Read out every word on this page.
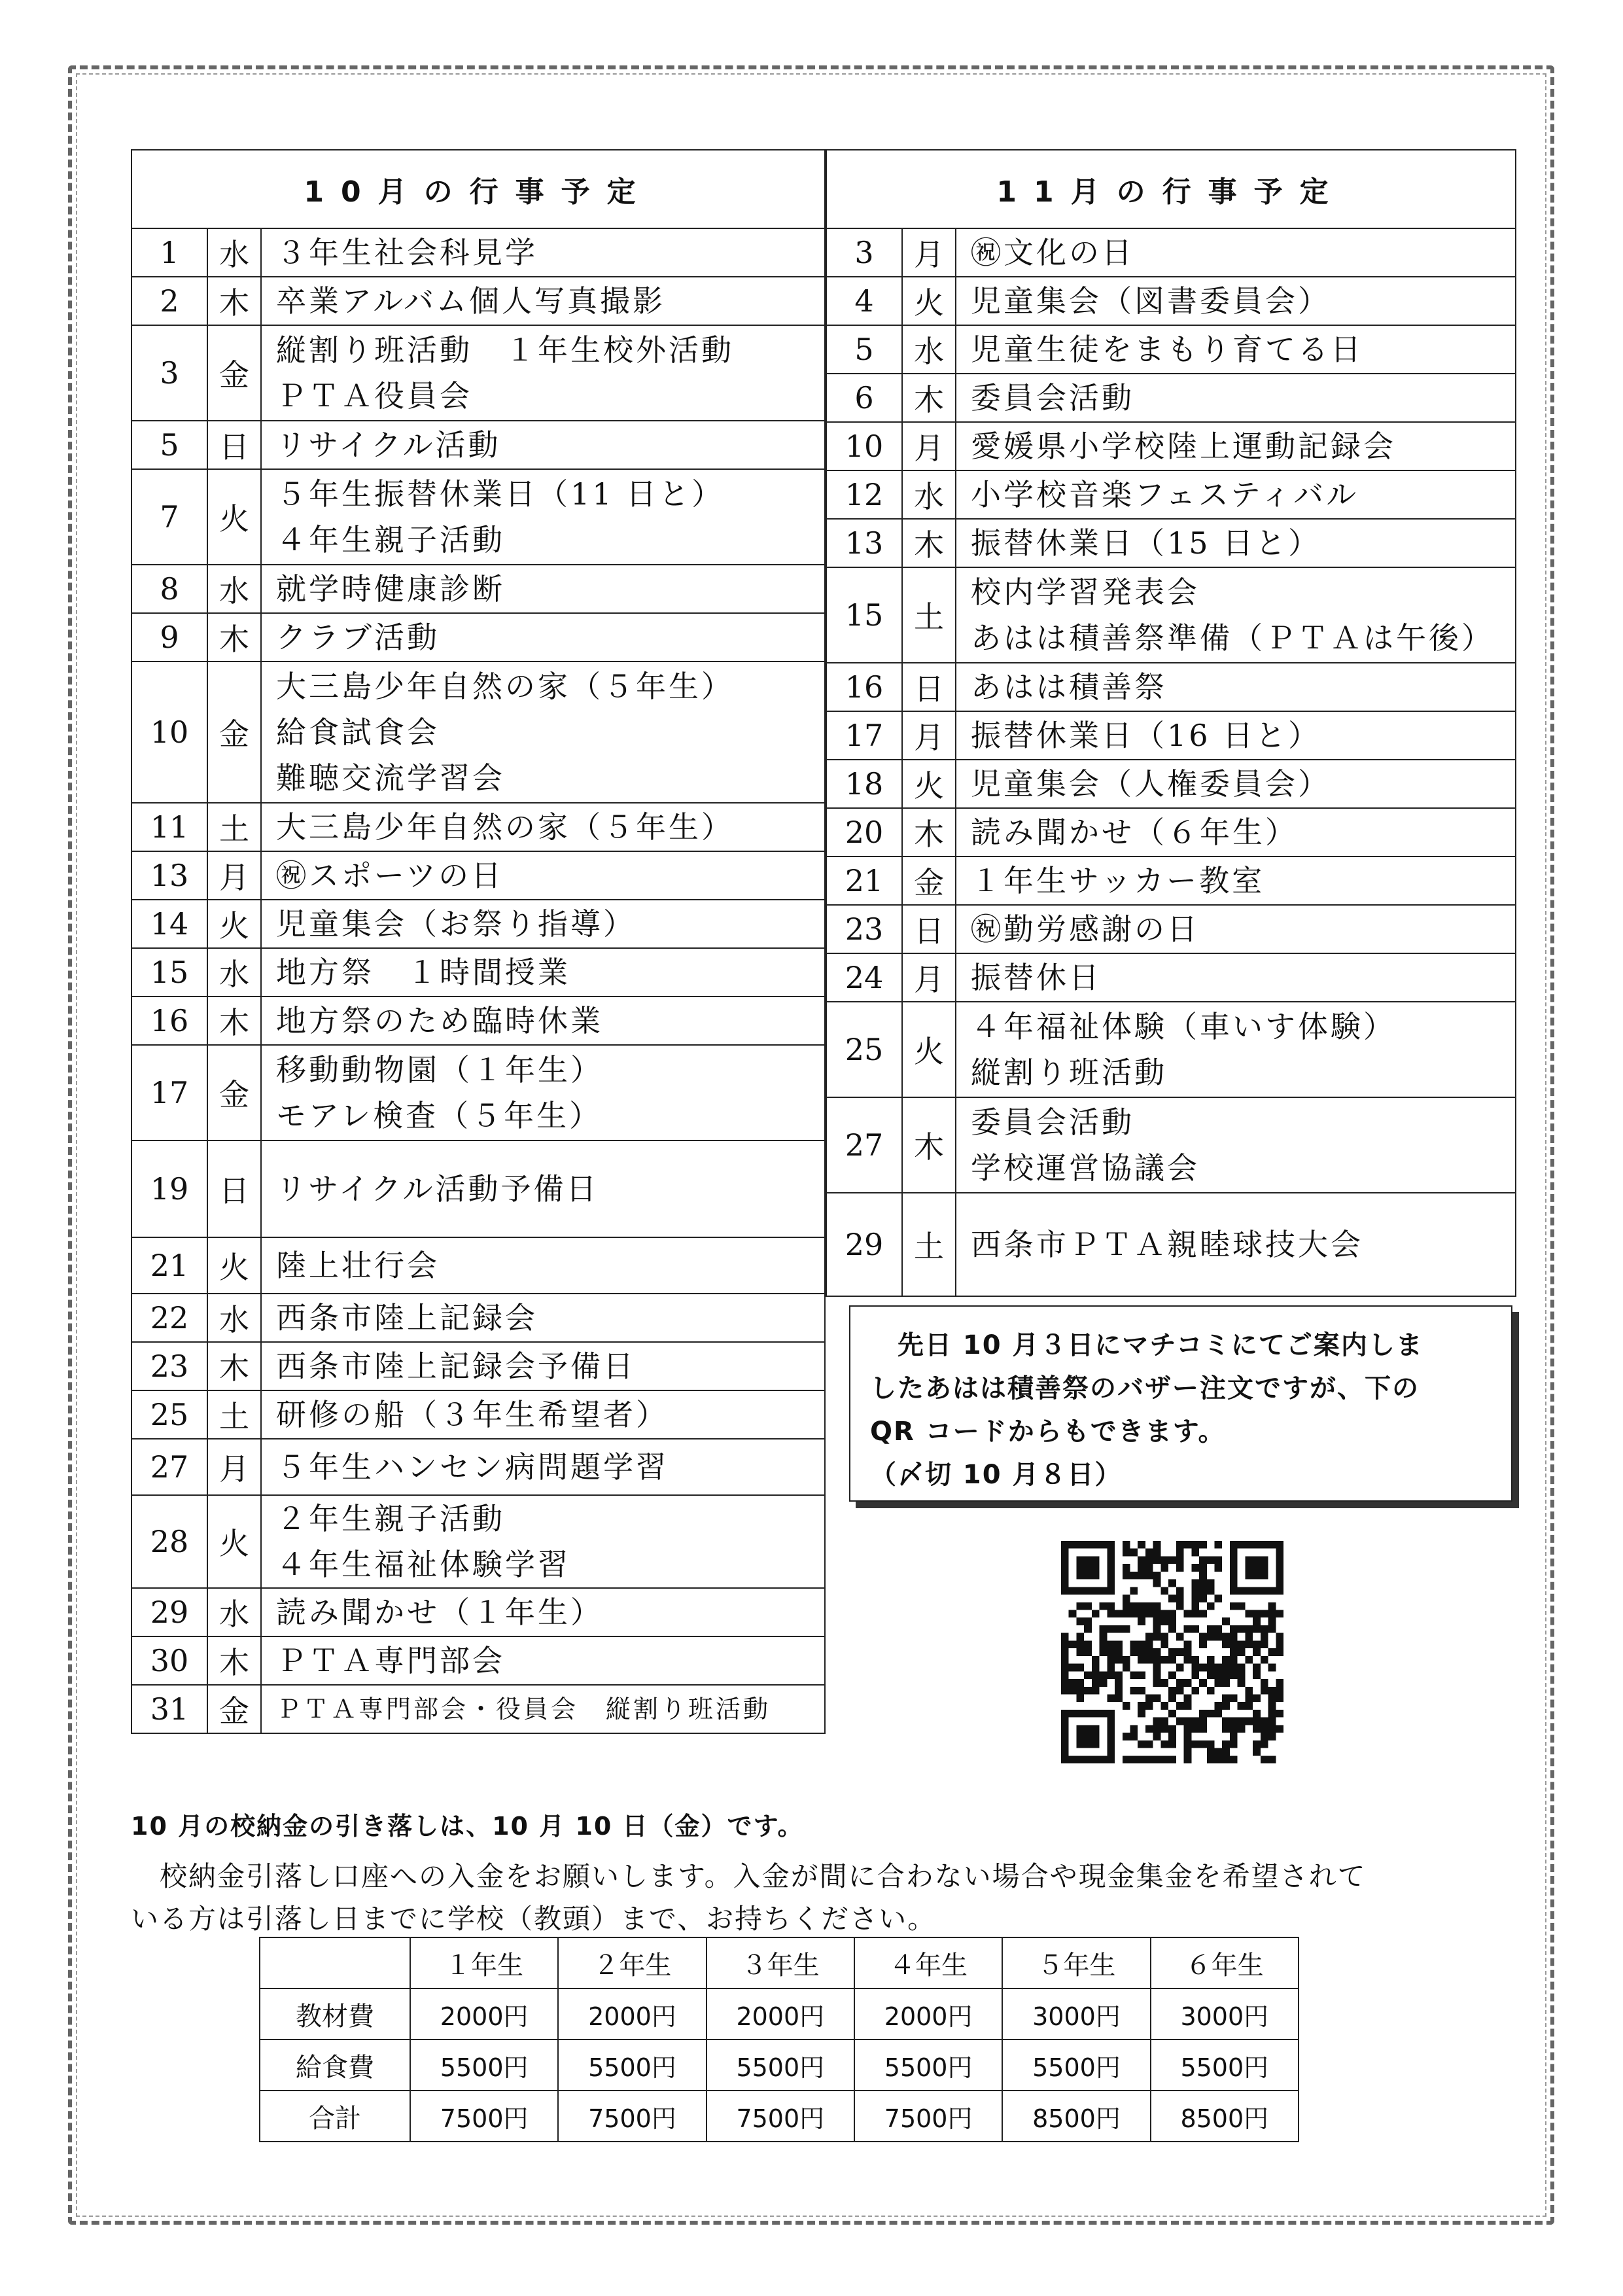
10月の行事予定		
1	水	３年生社会科見学

2	木	卒業アルバム個人写真撮影

3	金	縦割り班活動　１年生校外活動
ＰＴＡ役員会

5	日	リサイクル活動

7	火	５年生振替休業日（11 日と）
４年生親子活動

8	水	就学時健康診断

9	木	クラブ活動

10	金	大三島少年自然の家（５年生）
給食試食会
難聴交流学習会

11	土	大三島少年自然の家（５年生）

13	月	㊗スポーツの日

14	火	児童集会（お祭り指導）

15	水	地方祭　１時間授業

16	木	地方祭のため臨時休業

17	金	移動動物園（１年生）
モアレ検査（５年生）

19	日	リサイクル活動予備日

21	火	陸上壮行会

22	水	西条市陸上記録会

23	木	西条市陸上記録会予備日

25	土	研修の船（３年生希望者）

27	月	５年生ハンセン病問題学習

28	火	２年生親子活動
４年生福祉体験学習

29	水	読み聞かせ（１年生）

30	木	ＰＴＡ専門部会

31	金	ＰＴＡ専門部会・役員会　縦割り班活動
11月の行事予定		
3	月	㊗文化の日

4	火	児童集会（図書委員会）

5	水	児童生徒をまもり育てる日

6	木	委員会活動

10	月	愛媛県小学校陸上運動記録会

12	水	小学校音楽フェスティバル

13	木	振替休業日（15 日と）

15	土	校内学習発表会
あはは積善祭準備（ＰＴＡは午後）

16	日	あはは積善祭

17	月	振替休業日（16 日と）

18	火	児童集会（人権委員会）

20	木	読み聞かせ（６年生）

21	金	１年生サッカー教室

23	日	㊗勤労感謝の日

24	月	振替休日

25	火	４年福祉体験（車いす体験）
縦割り班活動

27	木	委員会活動
学校運営協議会

29	土	西条市ＰＴＡ親睦球技大会
　先日 10 月３日にマチコミにてご案内しま
したあはは積善祭のバザー注文ですが、下の
QR コードからもできます。
（〆切 10 月８日）
10 月の校納金の引き落しは、10 月 10 日（金）です。
　校納金引落し口座への入金をお願いします。入金が間に合わない場合や現金集金を希望されて
いる方は引落し日までに学校（教頭）まで、お持ちください。
	１年生	２年生	３年生	４年生	５年生	６年生
教材費	2000円	2000円	2000円	2000円	3000円	3000円
給食費	5500円	5500円	5500円	5500円	5500円	5500円
合計	7500円	7500円	7500円	7500円	8500円	8500円
